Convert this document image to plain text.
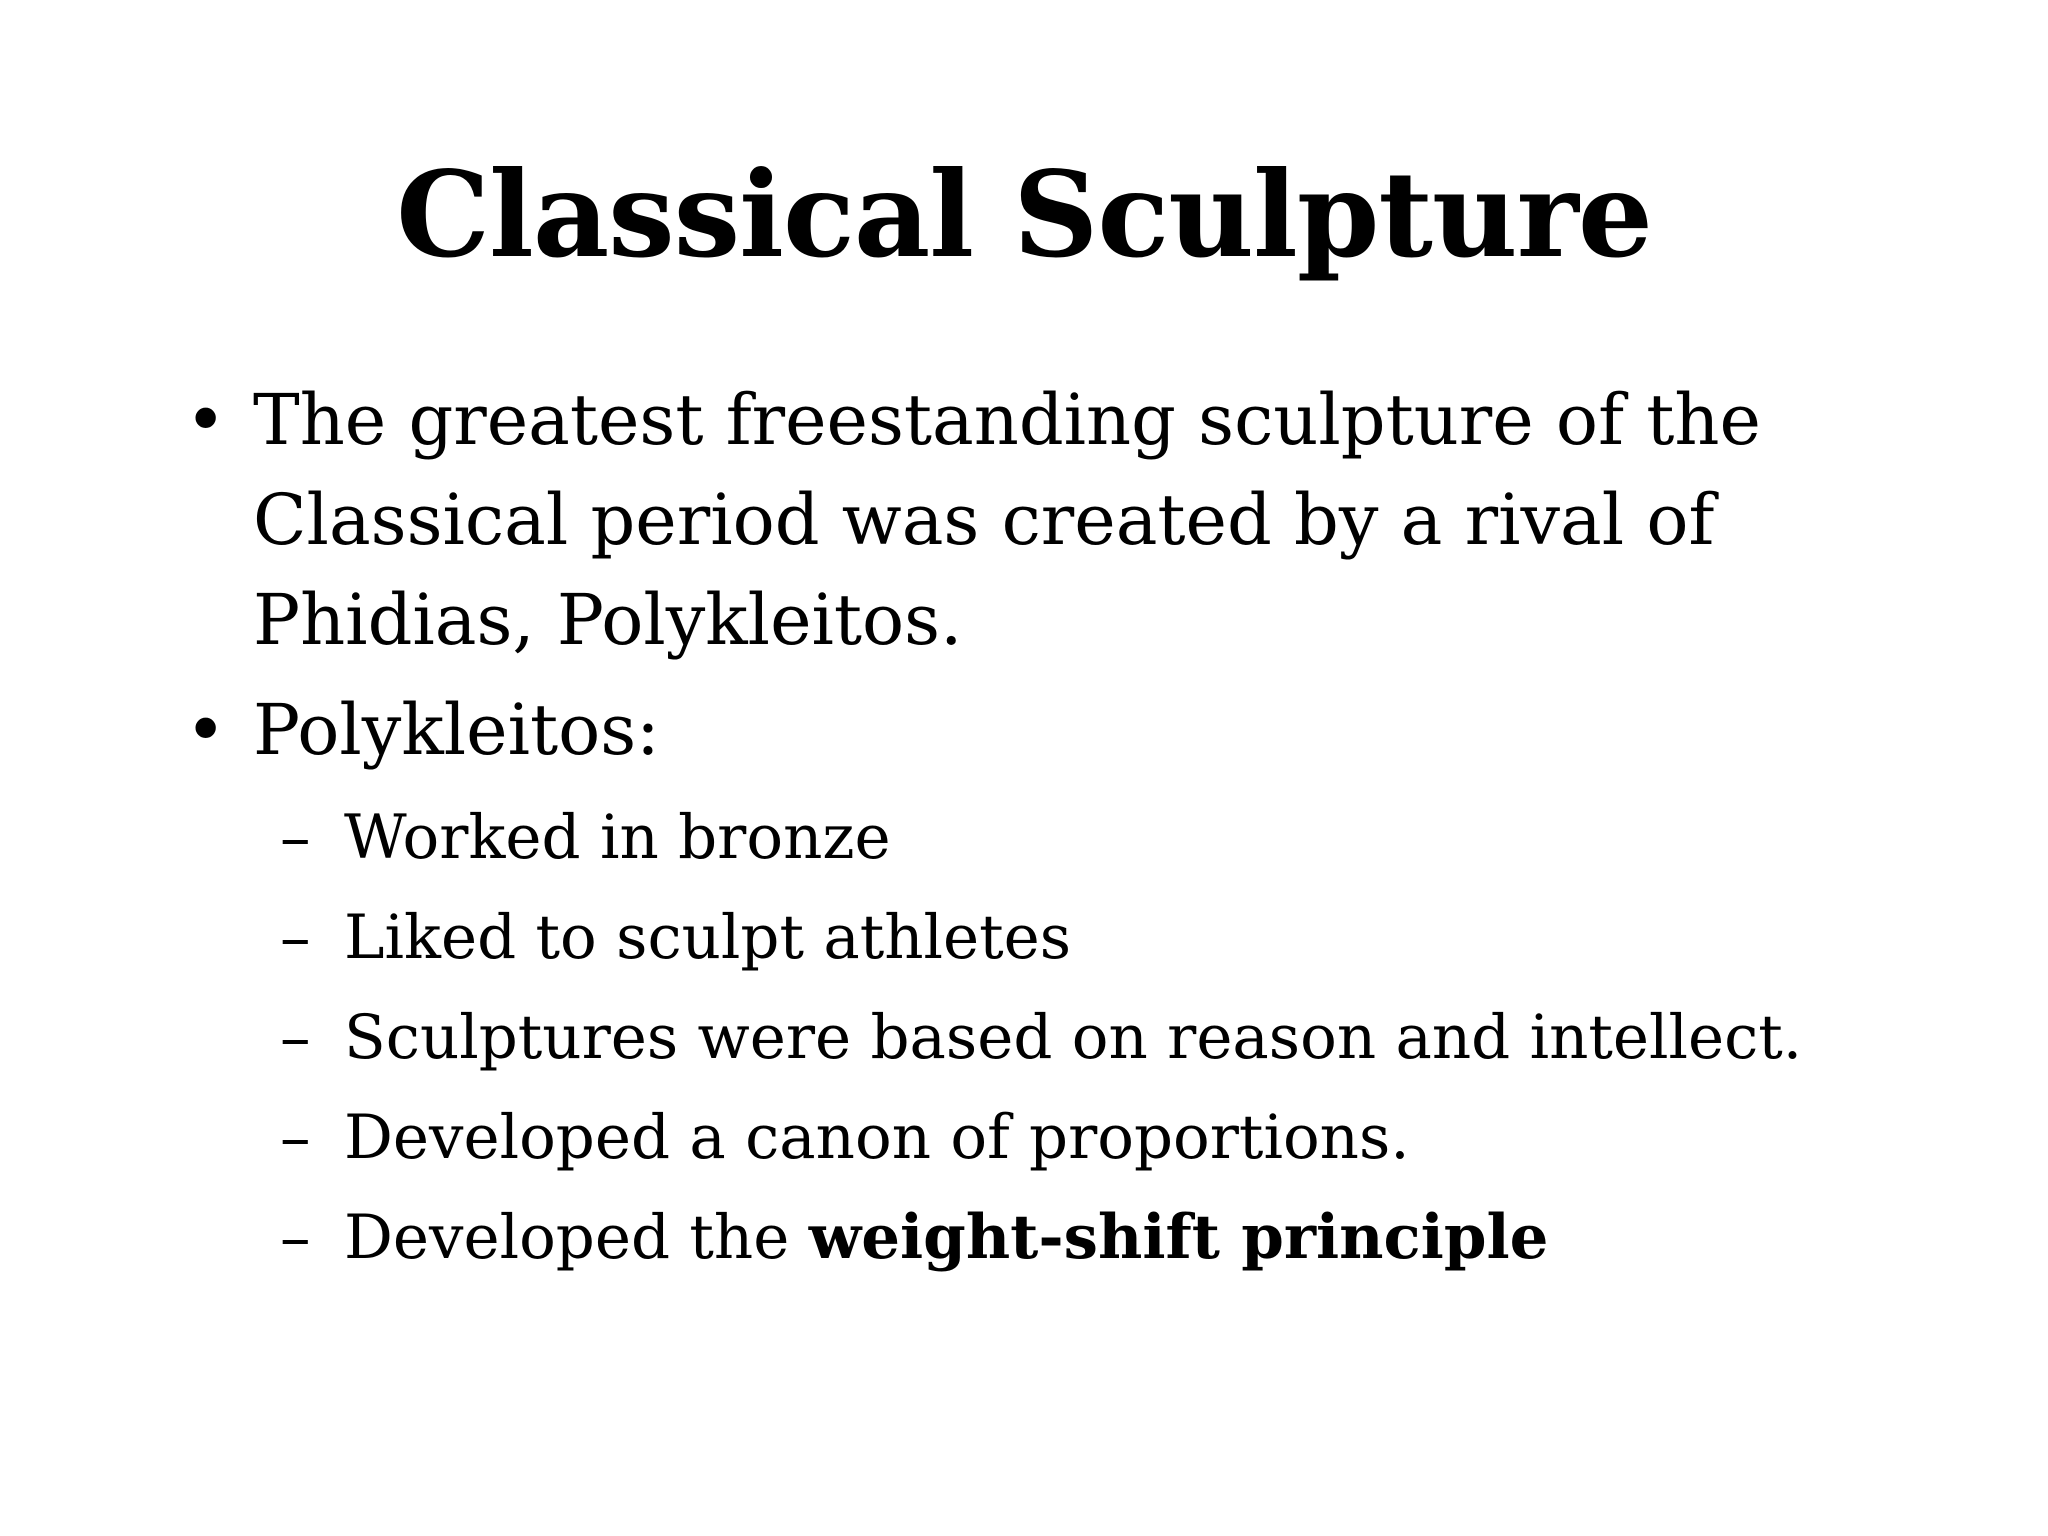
Classical Sculpture
• The greatest freestanding sculpture of the Classical period was created by a rival of Phidias, Polykleitos.
• Polykleitos:
– Worked in bronze
– Liked to sculpt athletes
– Sculptures were based on reason and intellect.
– Developed a canon of proportions.
– Developed the weight-shift principle
